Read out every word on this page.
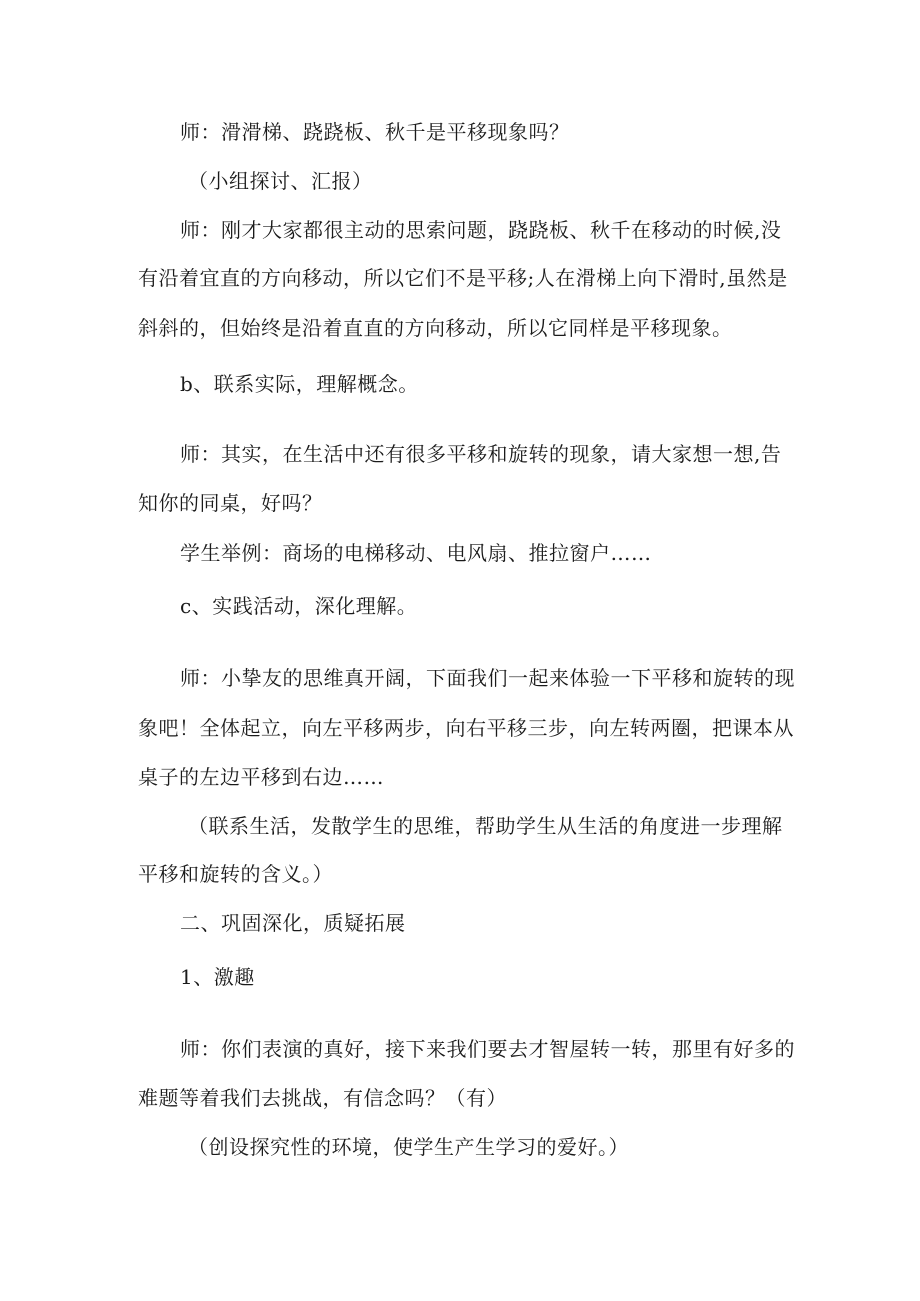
师：滑滑梯、跷跷板、秋千是平移现象吗？
（小组探讨、汇报）
师：刚才大家都很主动的思索问题，跷跷板、秋千在移动的时候,没
有沿着宜直的方向移动，所以它们不是平移;人在滑梯上向下滑时,虽然是
斜斜的，但始终是沿着直直的方向移动，所以它同样是平移现象。
b、联系实际，理解概念。
师：其实，在生活中还有很多平移和旋转的现象，请大家想一想,告
知你的同桌，好吗？
学生举例：商场的电梯移动、电风扇、推拉窗户……
c、实践活动，深化理解。
师：小挚友的思维真开阔，下面我们一起来体验一下平移和旋转的现
象吧！全体起立，向左平移两步，向右平移三步，向左转两圈，把课本从
桌子的左边平移到右边……
（联系生活，发散学生的思维，帮助学生从生活的角度进一步理解
平移和旋转的含义。）
二、巩固深化，质疑拓展
1、激趣
师：你们表演的真好，接下来我们要去才智屋转一转，那里有好多的
难题等着我们去挑战，有信念吗？（有）
（创设探究性的环境，使学生产生学习的爱好。）
